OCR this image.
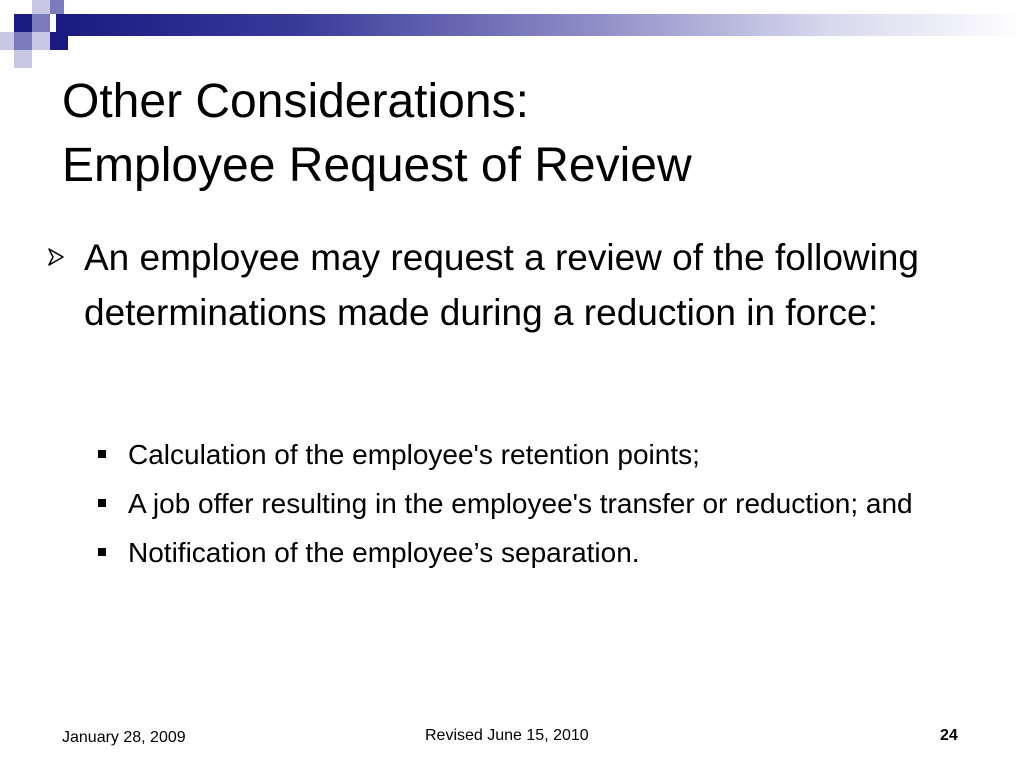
Other Considerations:
Employee Request of Review
An employee may request a review of the following determinations made during a reduction in force:
Calculation of the employee's retention points;
A job offer resulting in the employee's transfer or reduction; and
Notification of the employee’s separation.
January 28, 2009	Revised June 15, 2010	24
